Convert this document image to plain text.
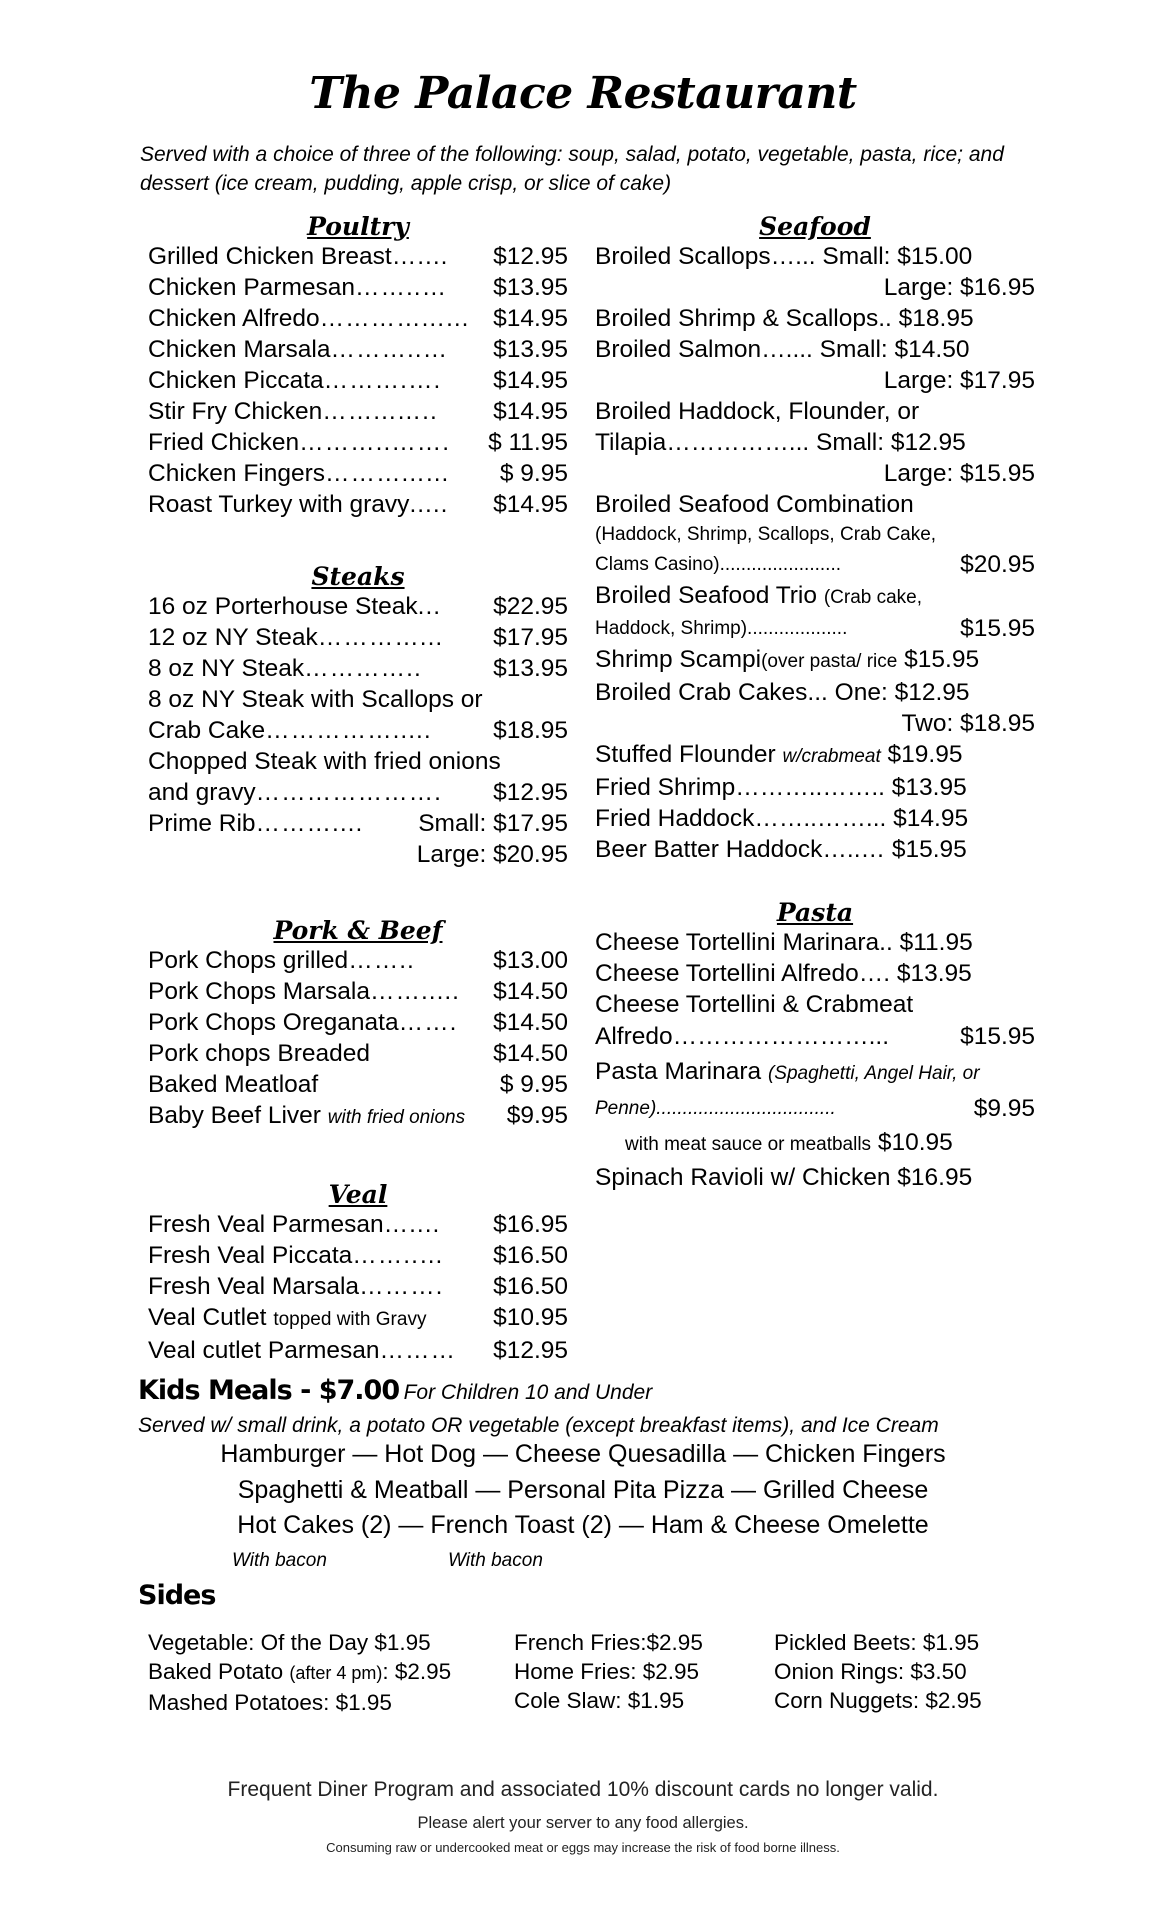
The Palace Restaurant
Served with a choice of three of the following: soup, salad, potato, vegetable, pasta, rice; and dessert (ice cream, pudding, apple crisp, or slice of cake)
Poultry
Grilled Chicken Breast …....	$12.95
Chicken Parmesan ……..…	$13.95
Chicken Alfredo …………...… $14.95
Chicken Marsala ………..…	$13.95
Chicken Piccata ……….….	$14.95
Stir Fry Chicken ……...…..	$14.95
Fried Chicken ………..…….	$ 11.95
Chicken Fingers ………...…	$ 9.95
Roast Turkey with gravy .....	$14.95
Steaks
16 oz Porterhouse Steak ...	$22.95
12 oz NY Steak …………...	$17.95
8 oz NY Steak …………..	$13.95
8 oz NY Steak with Scallops or
Crab Cake …………….....	$18.95
Chopped Steak with fried onions
and gravy ………………….	$12.95
Prime Rib ………....	Small: $17.95
Large: $20.95
Pork & Beef
Pork Chops grilled ……..	$13.00
Pork Chops Marsala …….....	$14.50
Pork Chops Oreganata …….	$14.50
Pork chops Breaded	$14.50
Baked Meatloaf	$ 9.95
Baby Beef Liver with fried onions $9.95
Veal
Fresh Veal Parmesan …....	$16.95
Fresh Veal Piccata ……..…	$16.50
Fresh Veal Marsala ……….	$16.50
Veal Cutlet topped with Gravy	$10.95
Veal cutlet Parmesan ………	$12.95
Seafood
Broiled Scallops…... Small: $15.00
Large: $16.95
Broiled Shrimp & Scallops.. $18.95
Broiled Salmon….... Small: $14.50
Large: $17.95
Broiled Haddock, Flounder, or
Tilapia……………... Small: $12.95
Large: $15.95
Broiled Seafood Combination
(Haddock, Shrimp, Scallops, Crab Cake,
Clams Casino).......................	$20.95
Broiled Seafood Trio (Crab cake,
Haddock, Shrimp)...................	$15.95
Shrimp Scampi(over pasta/ rice $15.95
Broiled Crab Cakes... One: $12.95
Two: $18.95
Stuffed Flounder w/crabmeat $19.95
Fried Shrimp………..…….. $13.95
Fried Haddock……..……... $14.95
Beer Batter Haddock…..… $15.95
Pasta
Cheese Tortellini Marinara.. $11.95
Cheese Tortellini Alfredo…. $13.95
Cheese Tortellini & Crabmeat
Alfredo……………………...	$15.95
Pasta Marinara (Spaghetti, Angel Hair, or
Penne)..................................	$9.95
with meat sauce or meatballs $10.95
Spinach Ravioli w/ Chicken $16.95
Kids Meals - $7.00 For Children 10 and Under
Served w/ small drink, a potato OR vegetable (except breakfast items), and Ice Cream
Hamburger — Hot Dog — Cheese Quesadilla — Chicken Fingers
Spaghetti & Meatball — Personal Pita Pizza — Grilled Cheese
Hot Cakes (2) — French Toast (2) — Ham & Cheese Omelette
With bacon	With bacon
Sides
Vegetable: Of the Day $1.95
Baked Potato (after 4 pm): $2.95
Mashed Potatoes: $1.95
French Fries:$2.95
Home Fries: $2.95
Cole Slaw: $1.95
Pickled Beets: $1.95
Onion Rings: $3.50
Corn Nuggets: $2.95
Frequent Diner Program and associated 10% discount cards no longer valid.
Please alert your server to any food allergies.
Consuming raw or undercooked meat or eggs may increase the risk of food borne illness.
